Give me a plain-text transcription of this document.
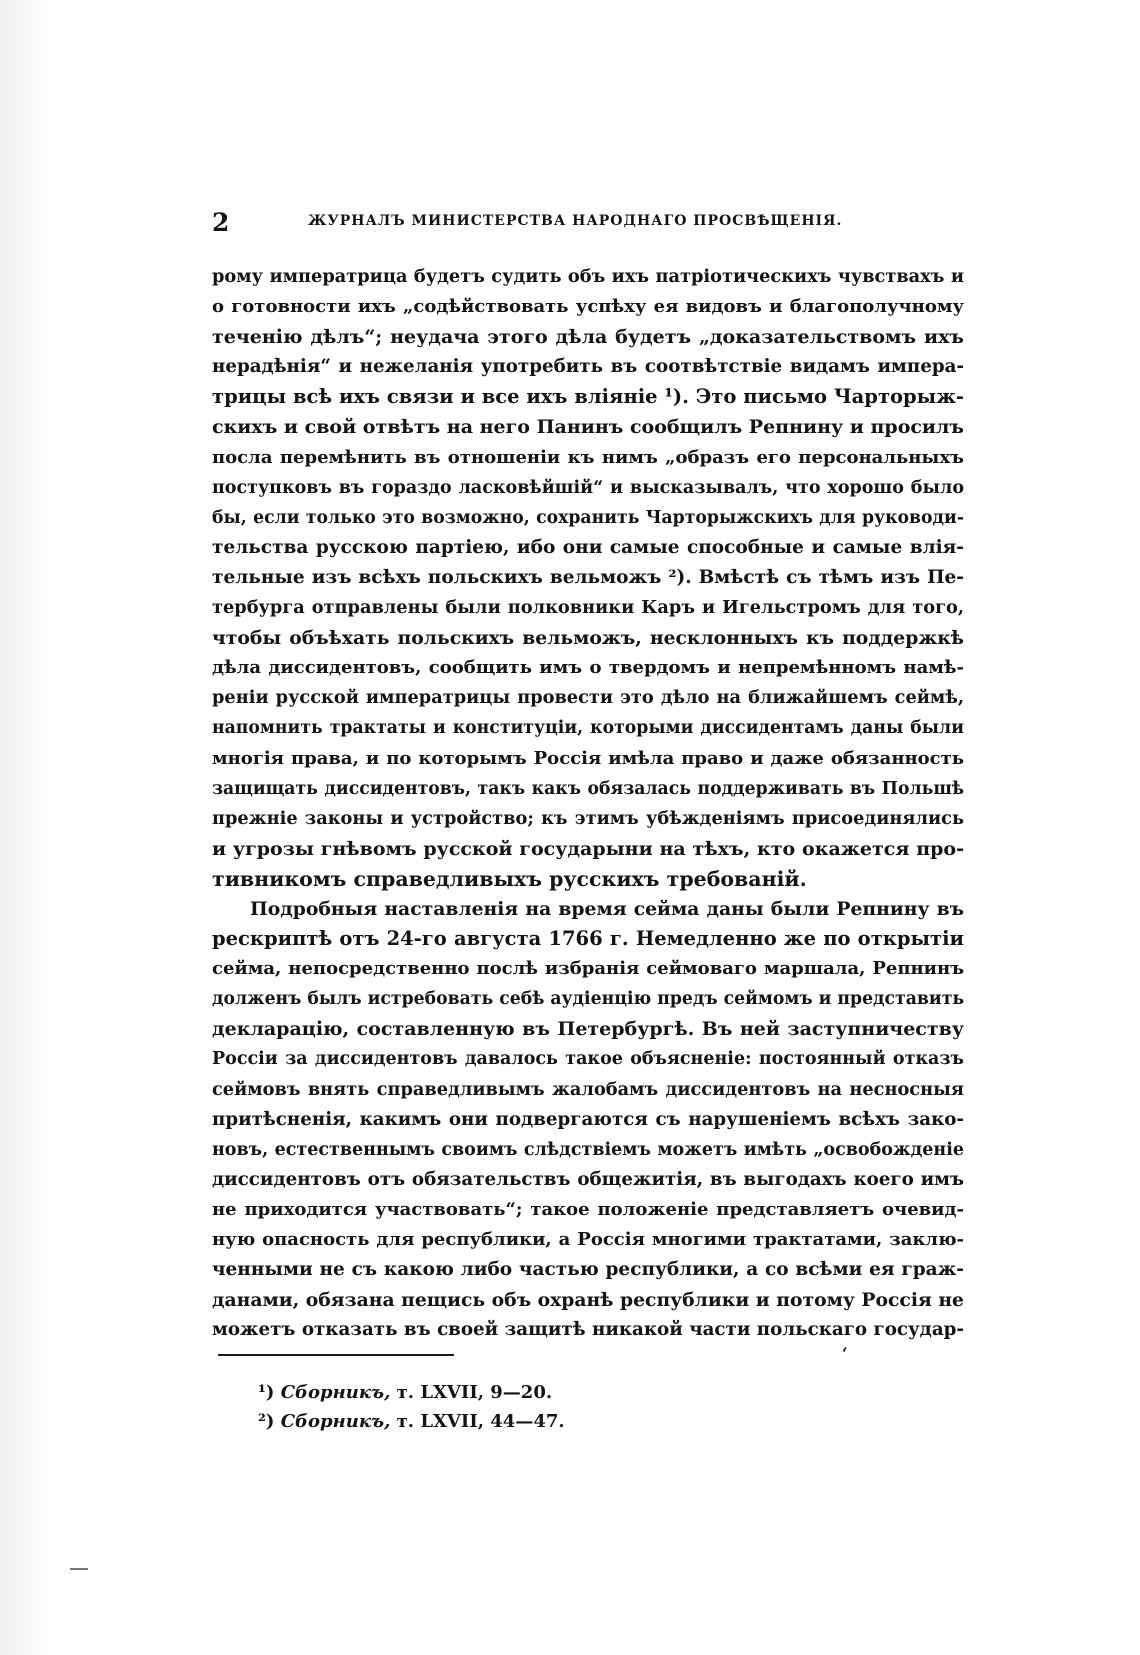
2	ЖУРНАЛЪ МИНИСТЕРСТВА НАРОДНАГО ПРОСВѢЩЕНІЯ.
рому императрица будетъ судить объ ихъ патріотическихъ чувствахъ и
о готовности ихъ „содѣйствовать успѣху ея видовъ и благополучному
теченію дѣлъ“; неудача этого дѣла будетъ „доказательствомъ ихъ
нерадѣнія“ и нежеланія употребить въ соотвѣтствіе видамъ импера-
трицы всѣ ихъ связи и все ихъ вліяніе ¹). Это письмо Чарторыж-
скихъ и свой отвѣтъ на него Панинъ сообщилъ Репнину и просилъ
посла перемѣнить въ отношеніи къ нимъ „образъ его персональныхъ
поступковъ въ гораздо ласковѣйшій“ и высказывалъ, что хорошо было
бы, если только это возможно, сохранить Чарторыжскихъ для руководи-
тельства русскою партіею, ибо они самые способные и самые влія-
тельные изъ всѣхъ польскихъ вельможъ ²). Вмѣстѣ съ тѣмъ изъ Пе-
тербурга отправлены были полковники Каръ и Игельстромъ для того,
чтобы объѣхать польскихъ вельможъ, несклонныхъ къ поддержкѣ
дѣла диссидентовъ, сообщить имъ о твердомъ и непремѣнномъ намѣ-
реніи русской императрицы провести это дѣло на ближайшемъ сеймѣ,
напомнить трактаты и конституціи, которыми диссидентамъ даны были
многія права, и по которымъ Россія имѣла право и даже обязанность
защищать диссидентовъ, такъ какъ обязалась поддерживать въ Польшѣ
прежніе законы и устройство; къ этимъ убѣжденіямъ присоединялись
и угрозы гнѣвомъ русской государыни на тѣхъ, кто окажется про-
тивникомъ справедливыхъ русскихъ требованій.
Подробныя наставленія на время сейма даны были Репнину въ
рескриптѣ отъ 24-го августа 1766 г. Немедленно же по открытіи
сейма, непосредственно послѣ избранія сеймоваго маршала, Репнинъ
долженъ былъ истребовать себѣ аудіенцію предъ сеймомъ и представить
декларацію, составленную въ Петербургѣ. Въ ней заступничеству
Россіи за диссидентовъ давалось такое объясненіе: постоянный отказъ
сеймовъ внять справедливымъ жалобамъ диссидентовъ на несносныя
притѣсненія, какимъ они подвергаются съ нарушеніемъ всѣхъ зако-
новъ, естественнымъ своимъ слѣдствіемъ можетъ имѣть „освобожденіе
диссидентовъ отъ обязательствъ общежитія, въ выгодахъ коего имъ
не приходится участвовать“; такое положеніе представляетъ очевид-
ную опасность для республики, а Россія многими трактатами, заклю-
ченными не съ какою либо частью республики, а со всѣми ея граж-
данами, обязана пещись объ охранѣ республики и потому Россія не
можетъ отказать въ своей защитѣ никакой части польскаго государ-
ʻ
¹) Сборникъ, т. LXVII, 9—20.
²) Сборникъ, т. LXVII, 44—47.
